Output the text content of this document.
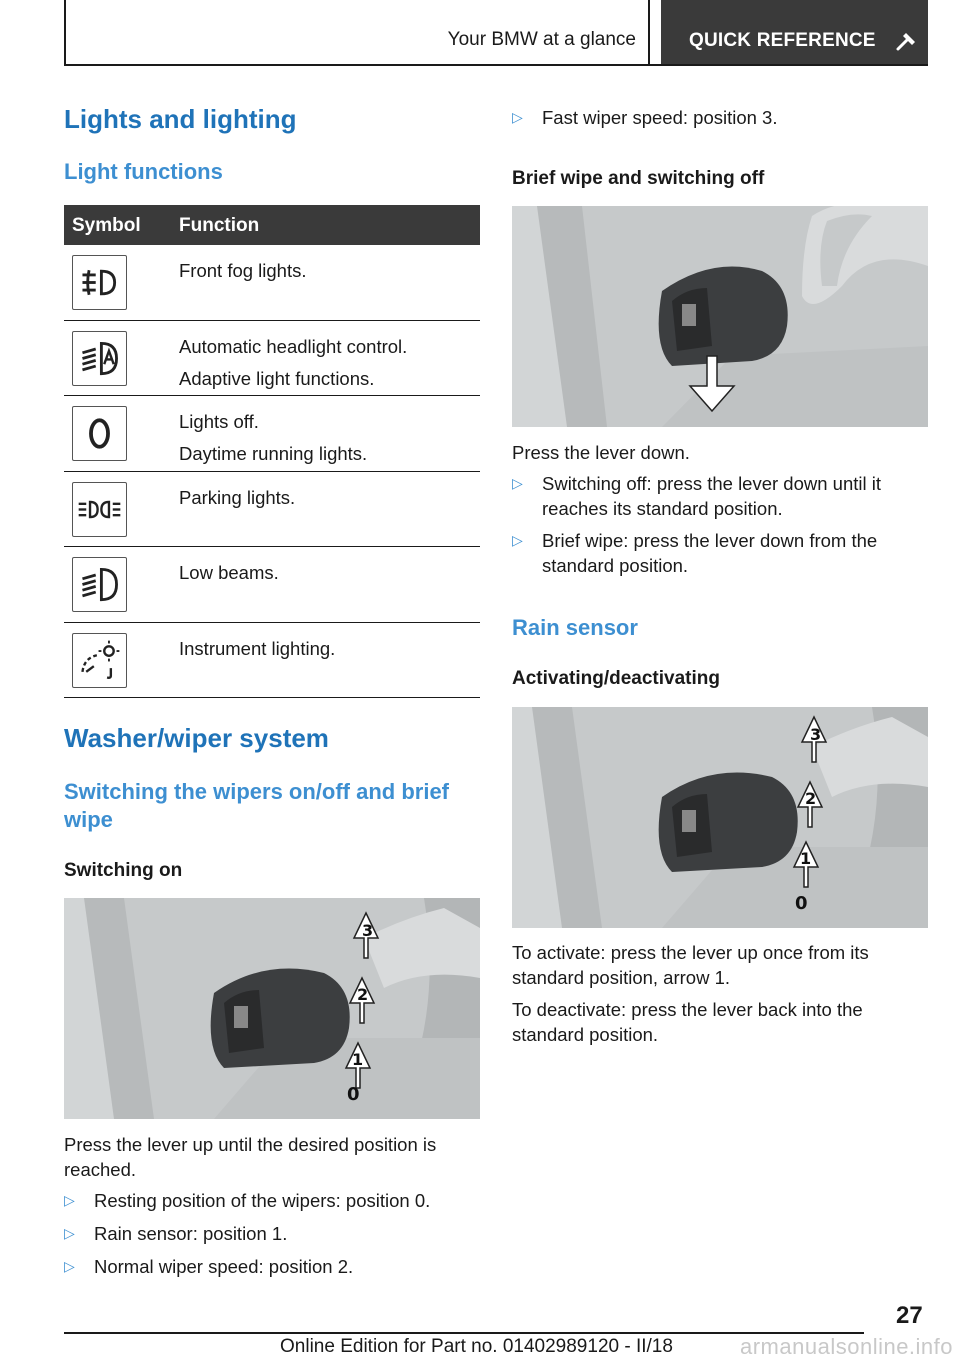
Your BMW at a glance	QUICK REFERENCE
Lights and lighting
Light functions
Symbol Function
Front fog lights.
Automatic headlight control.
Adaptive light functions.
Lights off.
Daytime running lights.
Parking lights.
Low beams.
Instrument lighting.
Washer/wiper system
Switching the wipers on/off and brief wipe
Switching on
3
2
1
0
Press the lever up until the desired position is reached.
▷ Resting position of the wipers: position 0.
▷ Rain sensor: position 1.
▷ Normal wiper speed: position 2.
▷ Fast wiper speed: position 3.
Brief wipe and switching off
Press the lever down.
▷ Switching off: press the lever down until it reaches its standard position.
▷ Brief wipe: press the lever down from the standard position.
Rain sensor
Activating/deactivating
3
2
1
0
To activate: press the lever up once from its standard position, arrow 1.
To deactivate: press the lever back into the standard position.
27
Online Edition for Part no. 01402989120 - II/18	armanualsonline.info
